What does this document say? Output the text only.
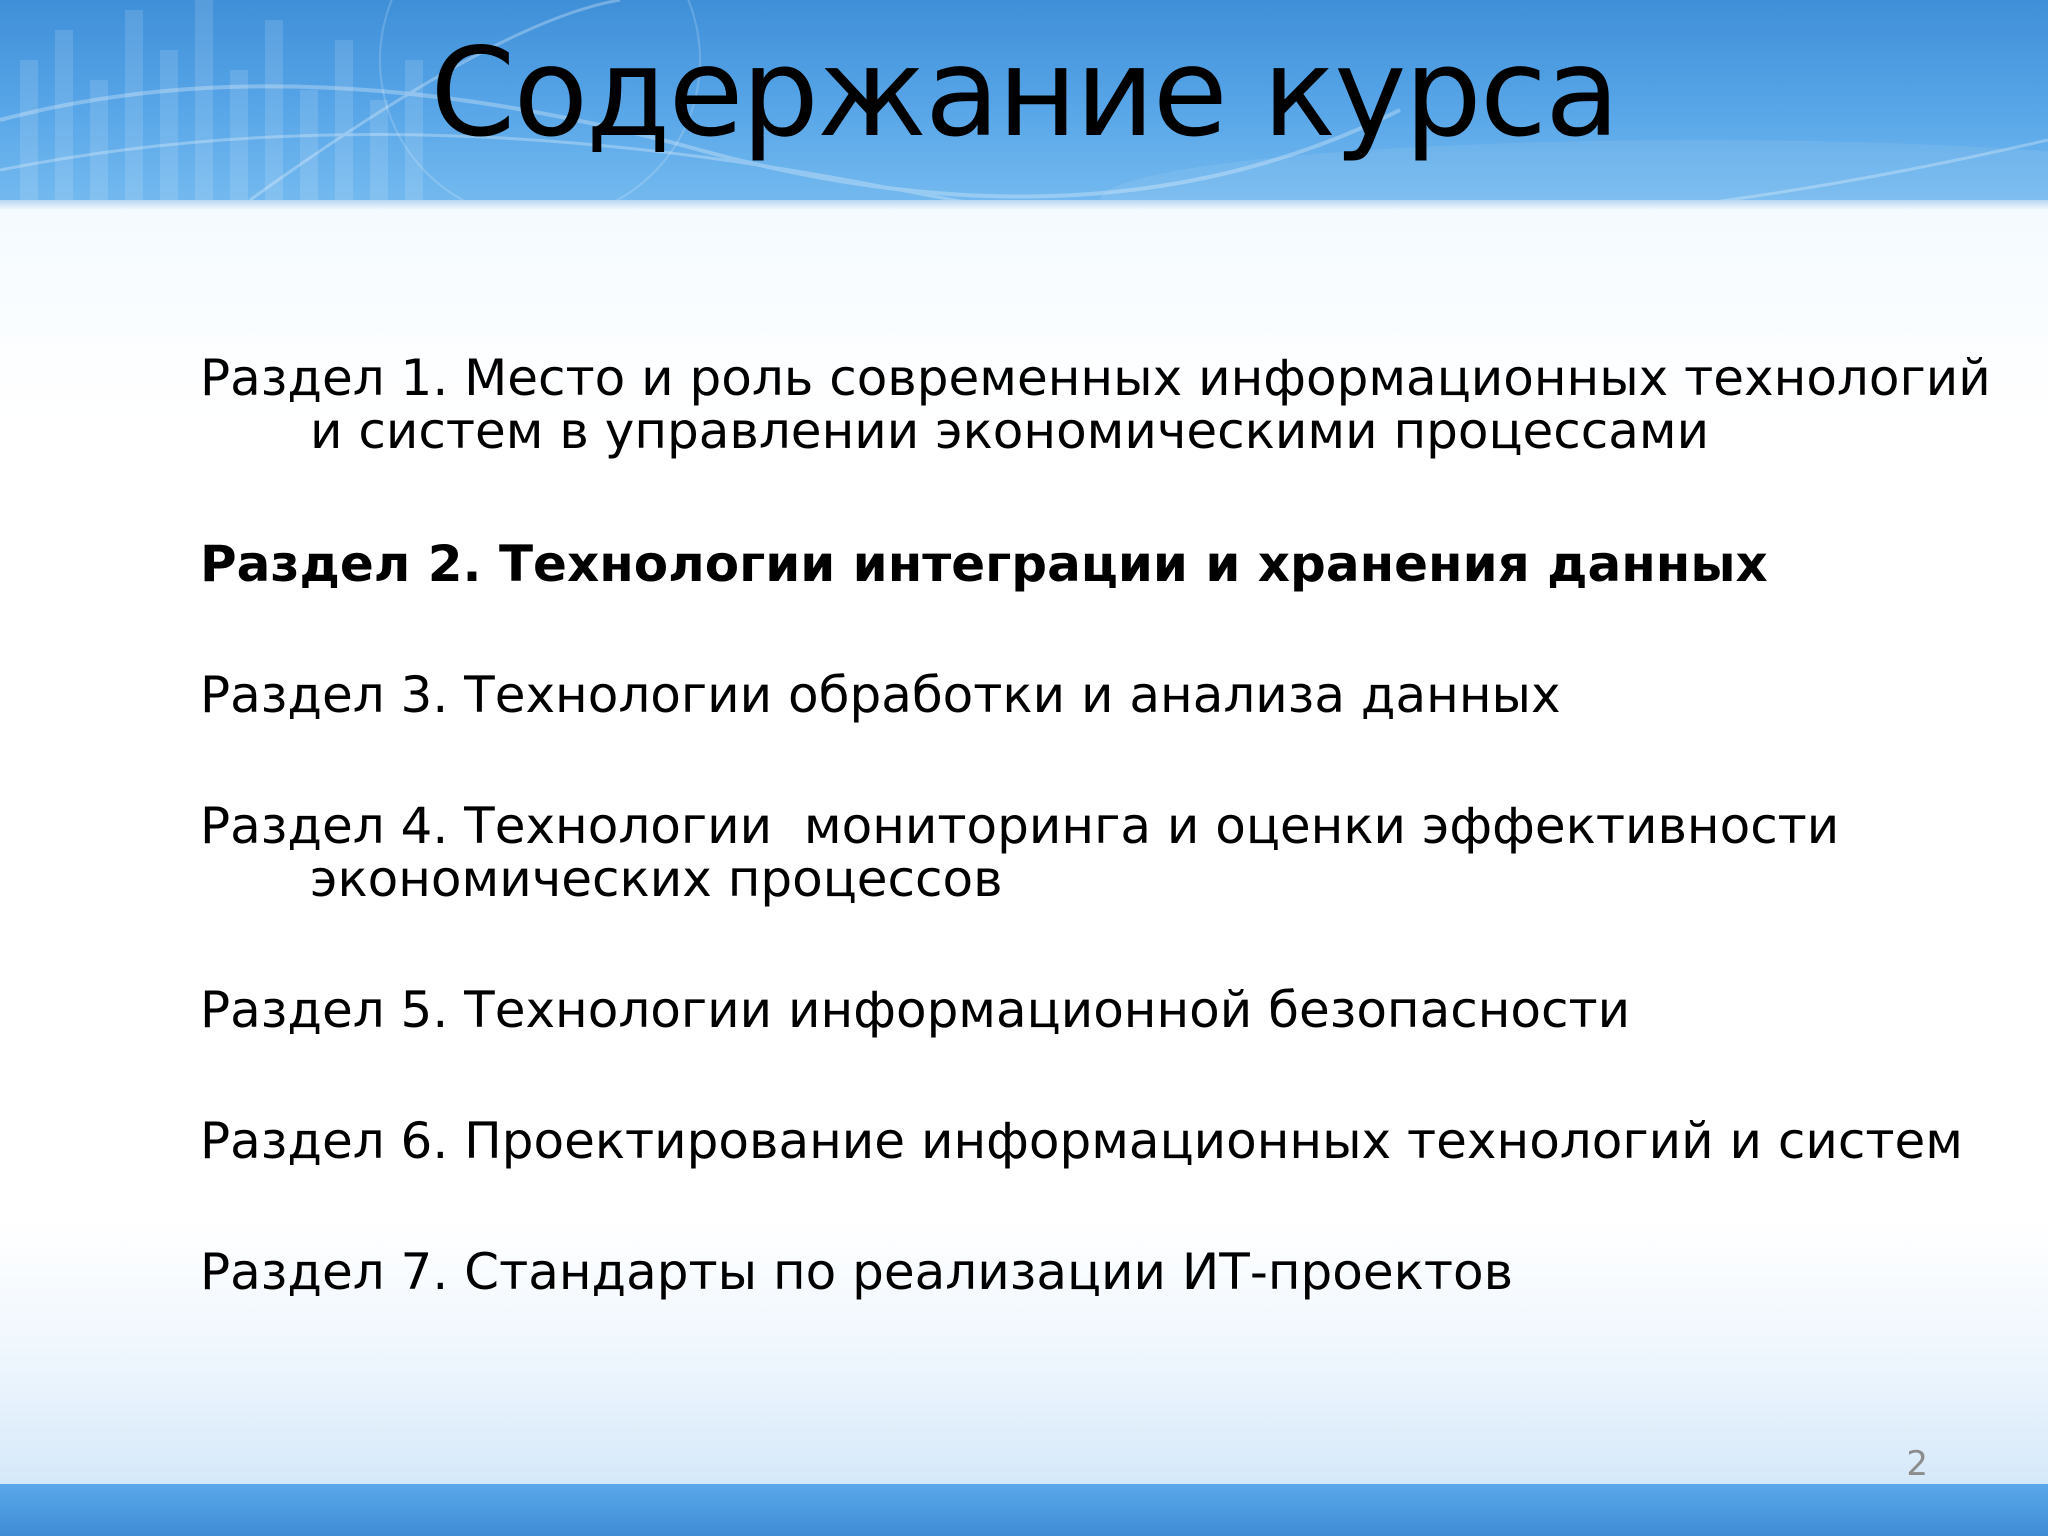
Содержание курса
Раздел 1. Место и роль современных информационных технологий
и систем в управлении экономическими процессами
Раздел 2. Технологии интеграции и хранения данных
Раздел 3. Технологии обработки и анализа данных
Раздел 4. Технологии  мониторинга и оценки эффективности
экономических процессов
Раздел 5. Технологии информационной безопасности
Раздел 6. Проектирование информационных технологий и систем
Раздел 7. Стандарты по реализации ИТ-проектов
2
